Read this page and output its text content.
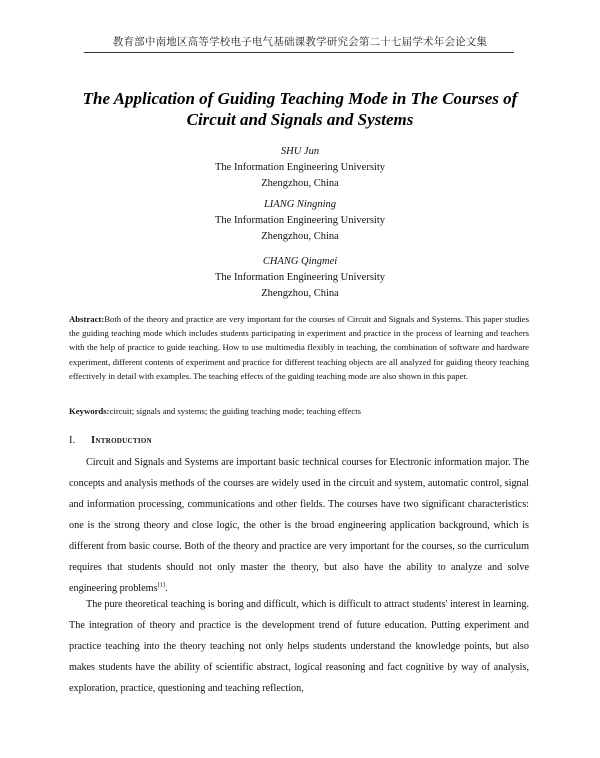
教育部中南地区高等学校电子电气基础课教学研究会第二十七届学术年会论文集
The Application of Guiding Teaching Mode in The Courses of Circuit and Signals and Systems
SHU Jun
The Information Engineering University
Zhengzhou, China
LIANG Ningning
The Information Engineering University
Zhengzhou, China
CHANG Qingmei
The Information Engineering University
Zhengzhou, China
Abstract:Both of the theory and practice are very important for the courses of Circuit and Signals and Systems. This paper studies the guiding teaching mode which includes students participating in experiment and practice in the process of learning and teachers with the help of practice to guide teaching. How to use multimedia flexibly in teaching, the combination of software and hardware experiment, different contents of experiment and practice for different teaching objects are all analyzed for guiding theory teaching effectively in detail with examples. The teaching effects of the guiding teaching mode are also shown in this paper.
Keywords:circuit; signals and systems; the guiding teaching mode; teaching effects
I. Introduction
Circuit and Signals and Systems are important basic technical courses for Electronic information major. The concepts and analysis methods of the courses are widely used in the circuit and system, automatic control, signal and information processing, communications and other fields. The courses have two significant characteristics: one is the strong theory and close logic, the other is the broad engineering application background, which is different from basic course. Both of the theory and practice are very important for the courses, so the curriculum requires that students should not only master the theory, but also have the ability to analyze and solve engineering problems[1].
The pure theoretical teaching is boring and difficult, which is difficult to attract students' interest in learning. The integration of theory and practice is the development trend of future education. Putting experiment and practice teaching into the theory teaching not only helps students understand the knowledge points, but also makes students have the ability of scientific abstract, logical reasoning and fact cognitive by way of analysis, exploration, practice, questioning and teaching reflection,
